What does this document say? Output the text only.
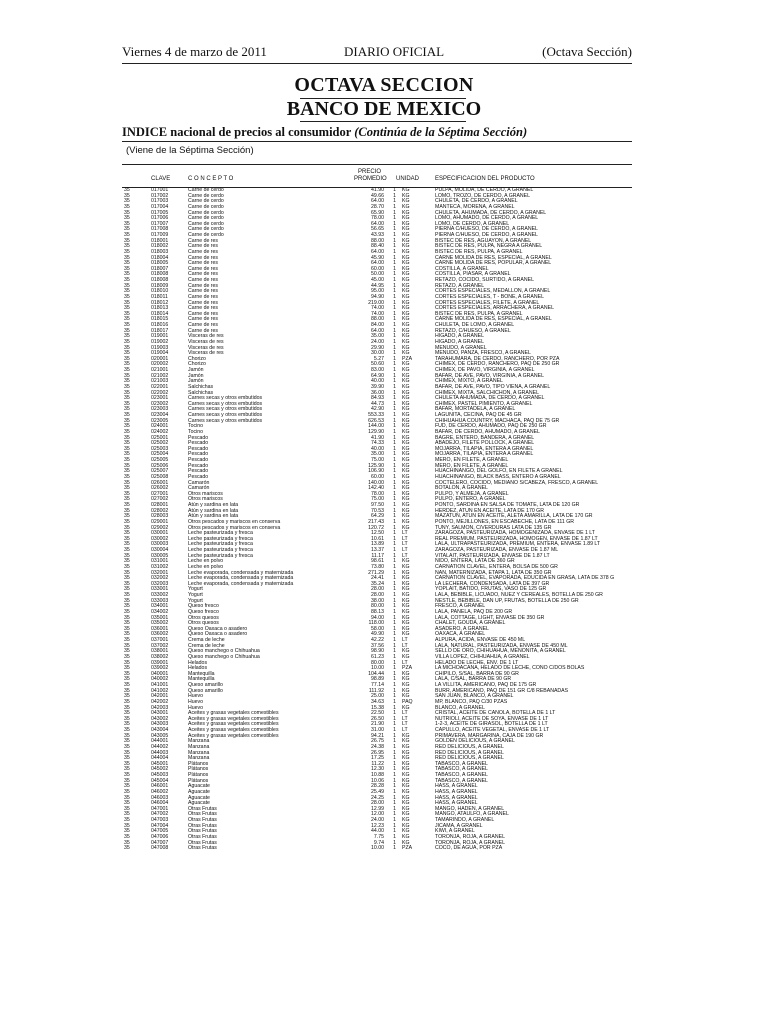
Viernes 4 de marzo de 2011	DIARIO OFICIAL	(Octava Sección)
OCTAVA SECCION
BANCO DE MEXICO
INDICE nacional de precios al consumidor (Continúa de la Séptima Sección)
(Viene de la Séptima Sección)
CLAVE	C O N C E P T O
PRECIO
PROMEDIO UNIDAD	ESPECIFICACION DEL PRODUCTO
35	017001	Carne de cerdo	41.90	1 KG	PULPA, MOLIDA, DE CERDO, A GRANEL
35	017002	Carne de cerdo	49.66	1 KG	LOMO, TROZO, DE CERDO, A GRANEL
35	017003	Carne de cerdo	64.00	1 KG	CHULETA, DE CERDO, A GRANEL
35	017004	Carne de cerdo	28.70	1 KG	MANTECA, MORENA, A GRANEL
35	017005	Carne de cerdo	65.90	1 KG	CHULETA, AHUMADA, DE CERDO, A GRANEL
35	017006	Carne de cerdo	78.00	1 KG	LOMO, AHUMADO, DE CERDO, A GRANEL
35	017007	Carne de cerdo	64.00	1 KG	LOMO, DE CERDO, A GRANEL
35	017008	Carne de cerdo	56.65	1 KG	PIERNA C/HUESO, DE CERDO, A GRANEL
35	017009	Carne de cerdo	43.93	1 KG	PIERNA C/HUESO, DE CERDO, A GRANEL
35	018001	Carne de res	88.00	1 KG	BISTEC DE RES, AGUAYON, A GRANEL
35	018002	Carne de res	88.40	1 KG	BISTEC DE RES, PULPA, NEGRA A GRANEL
35	018003	Carne de res	64.00	1 KG	BISTEC DE RES, PULPA, A GRANEL
35	018004	Carne de res	45.90	1 KG	CARNE MOLIDA DE RES, ESPECIAL, A GRANEL
35	018005	Carne de res	64.00	1 KG	CARNE MOLIDA DE RES, POPULAR, A GRANEL
35	018007	Carne de res	60.00	1 KG	COSTILLA, A GRANEL
35	018008	Carne de res	50.00	1 KG	COSTILLA, PIASAR, A GRANEL
35	018008	Carne de res	45.00	1 KG	RETAZO, COCIDO, SURTIDO, A GRANEL
35	018009	Carne de res	44.95	1 KG	RETAZO, A GRANEL
35	018010	Carne de res	95.00	1 KG	CORTES ESPECIALES, MEDALLON, A GRANEL
35	018011	Carne de res	94.90	1 KG	CORTES ESPECIALES, T - BONE, A GRANEL
35	018012	Carne de res	219.00	1 KG	CORTES ESPECIALES, FILETE, A GRANEL
35	018013	Carne de res	74.00	1 KG	CORTES ESPECIALES, ARRACHERA, A GRANEL
35	018014	Carne de res	74.00	1 KG	BISTEC DE RES, PULPA, A GRANEL
35	018015	Carne de res	88.00	1 KG	CARNE MOLIDA DE RES, ESPECIAL, A GRANEL
35	018016	Carne de res	84.00	1 KG	CHULETA, DE LOMO, A GRANEL
35	018017	Carne de res	64.00	1 KG	RETAZO, C/HUESO, A GRANEL
35	019001	Visceras de res	35.00	1 KG	HIGADO, A GRANEL
35	019002	Visceras de res	24.00	1 KG	HIGADO, A GRANEL
35	019003	Visceras de res	29.90	1 KG	MENUDO, A GRANEL
35	019004	Visceras de res	30.00	1 KG	MENUDO, PANZA, FRESCO, A GRANEL
35	020001	Chorizo	5.27	1 PZA	TARAHUMARA, DE CERDO, RANCHERO, POR PZA
35	020002	Chorizo	50.60	1 KG	CHIMEX, DE CERDO, RANCHERO, PAQ DE 250 GR
35	021001	Jamón	83.00	1 KG	CHIMEX, DE PAVO, VIRGINIA, A GRANEL
35	021002	Jamón	64.90	1 KG	BAFAR, DE AVE, PAVO, VIRGINIA, A GRANEL
35	021003	Jamón	40.00	1 KG	CHIMEX, MIXTO, A GRANEL
35	022001	Salchichas	39.90	1 KG	BAFAR, DE AVE, PAVO, TIPO VIENA, A GRANEL
35	022002	Salchichas	36.00	1 KG	CHIMEX, MIXTA, SALCHICHON, A GRANEL
35	023001	Carnes secas y otros embutidos	84.93	1 KG	CHULETA AHUMADA, DE CERDO, A GRANEL
35	023002	Carnes secas y otros embutidos	44.73	1 KG	CHIMEX, PASTEL PIMIENTO, A GRANEL
35	023003	Carnes secas y otros embutidos	42.90	1 KG	BAFAR, MORTADELA, A GRANEL
35	023004	Carnes secas y otros embutidos	553.33	1 KG	LAGUNITA, CECINA, PAQ DE 45 GR
35	023005	Carnes secas y otros embutidos	626.53	1 KG	CHIHUAHUA COUNTRY, MACHACA, PAQ DE 75 GR
35	024001	Tocino	144.00	1 KG	FUD, DE CERDO, AHUMADO, PAQ DE 250 GR
35	024002	Tocino	129.90	1 KG	BAFAR, DE CERDO, AHUMADO, A GRANEL
35	025001	Pescado	41.90	1 KG	BAGRE, ENTERO, BANDERA, A GRANEL
35	025002	Pescado	74.33	1 KG	ABADEJO, FILETE POLLOCK, A GRANEL
35	025003	Pescado	40.00	1 KG	MOJARRA, TILAPIA, ENTERA A GRANEL
35	025004	Pescado	35.00	1 KG	MOJARRA, TILAPIA, ENTERA A GRANEL
35	025005	Pescado	75.00	1 KG	MERO, EN FILETE, A GRANEL
35	025006	Pescado	125.90	1 KG	MERO, EN FILETE, A GRANEL
35	025007	Pescado	106.90	1 KG	HUACHINANGO, DEL GOLFO, EN FILETE A GRANEL
35	025008	Pescado	60.00	1 KG	HUACHINANGO, BLACK BASS, ENTERO A GRANEL
35	026001	Camarón	140.00	1 KG	COCTELERO, COCIDO, MEDIANO S/CABEZA, FRESCO, A GRANEL
35	026002	Camarón	142.40	1 KG	BOTALON, A GRANEL
35	027001	Otros mariscos	78.00	1 KG	PULPO, Y ALMEJA, A GRANEL
35	027002	Otros mariscos	75.00	1 KG	PULPO, ENTERO, A GRANEL
35	028001	Atún y sardina en lata	97.50	1 KG	PONTO, SARDINA EN SALSA DE TOMATE, LATA DE 120 GR
35	028002	Atún y sardina en lata	70.53	1 KG	HERDEZ, ATUN EN ACEITE, LATA DE 170 GR
35	028003	Atún y sardina en lata	64.29	1 KG	MAZATUN, ATUN EN ACEITE, ALETA AMARILLA, LATA DE 170 GR
35	029001	Otros pescados y mariscos en conserva	217.43	1 KG	PONTO, MEJILLONES, EN ESCABECHE, LATA DE 111 GR
35	029002	Otros pescados y mariscos en conserva	120.72	1 KG	TUNY, SALMON, C/VERDURAS LATA DE 135 GR
35	030001	Leche pasteurizada y fresca	12.50	1 LT	ZARAGOZA, PASTEURIZADA, HOMOGENIZADA, ENVASE DE 1 LT
35	030002	Leche pasteurizada y fresca	10.61	1 LT	REAL PREMIUM, PASTEURIZADA, HOMOGEN, ENVASE DE 1.87 LT
35	030003	Leche pasteurizada y fresca	13.89	1 LT	LALA, ULTRAPASTEURIZADA, PREMIUM, ENTERA, ENVASE 1.89 LT
35	030004	Leche pasteurizada y fresca	13.37	1 LT	ZARAGOZA, PASTEURIZADA, ENVASE DE 1.87 ML
35	030005	Leche pasteurizada y fresca	11.17	1 LT	VITALAIT, PASTEURIZADA, ENVASE DE 1.87 LT
35	031001	Leche en polvo	98.61	1 KG	NIDO, ENTERA, LATA DE 360 GR
35	031002	Leche en polvo	73.80	1 KG	CARNATION CLAVEL, ENTERA, BOLSA DE 500 GR
35	032001	Leche evaporada, condensada y maternizada	271.29	1 KG	NAN, MATERNIZADA, ETAPA 1, LATA DE 350 GR
35	032002	Leche evaporada, condensada y maternizada	24.41	1 KG	CARNATION CLAVEL, EVAPORADA, EDUCIDA EN GRASA, LATA DE 378 G
35	032003	Leche evaporada, condensada y maternizada	35.24	1 KG	LA LECHERA, CONDENSADA, LATA DE 397 GR
35	033001	Yogurt	28.00	1 KG	YOPLAIT, BATIDO, FRUTAS, VASO DE 125 GR
35	033002	Yogurt	28.00	1 KG	LALA, BEBIBLE, LICUADO, NUEZ Y CEREALES, BOTELLA DE 250 GR
35	033003	Yogurt	38.00	1 KG	NESTLE, BEBIBLE, DAN UP, FRUTAS, BOTELLA DE 250 GR
35	034001	Queso fresco	80.00	1 KG	FRESCO, A GRANEL
35	034002	Queso fresco	88.13	1 KG	LALA, PANELA, PAQ DE 200 GR
35	035001	Otros quesos	94.00	1 KG	LALA, COTTAGE, LIGHT, ENVASE DE 350 GR
35	035002	Otros quesos	118.00	1 KG	CHALET, GOUDA, A GRANEL
35	036001	Queso Oaxaca o asadero	58.00	1 KG	ASADERO, A GRANEL
35	036002	Queso Oaxaca o asadero	49.90	1 KG	OAXACA, A GRANEL
35	037001	Crema de leche	42.22	1 LT	ALPURA, ACIDA, ENVASE DE 450 ML
35	037002	Crema de leche	37.56	1 LT	LALA, NATURAL, PASTEURIZADA, ENVASE DE 450 ML
35	038001	Queso manchego o Chihuahua	98.90	1 KG	SELLO DE ORO, CHIHUAHUA, MENONITA, A GRANEL
35	038002	Queso manchego o Chihuahua	61.23	1 KG	VILLA LOPEZ, CHIHUAHUA, A GRANEL
35	039001	Helados	80.00	1 LT	HELADO DE LECHE, ENV. DE 1 LT
35	039002	Helados	10.00	1 PZA	LA MICHOACANA, HELADO DE LECHE, CONO C/DOS BOLAS
35	040001	Mantequilla	104.44	1 KG	CHIPILO, S/SAL, BARRA DE 90 GR
35	040002	Mantequilla	98.89	1 KG	LALA, C/SAL, BARRA DE 90 GR
35	041001	Queso amarillo	77.14	1 KG	LA VILLITA, AMERICANO, PAQ DE 175 GR
35	041002	Queso amarillo	111.92	1 KG	BURR, AMERICANO, PAQ DE 151 GR C/8 REBANADAS
35	042001	Huevo	25.00	1 KG	SAN JUAN, BLANCO, A GRANEL
35	042002	Huevo	34.63	1 PAQ	MP, BLANCO, PAQ C/30 PZAS
35	042003	Huevo	15.38	1 KG	BLANCO, A GRANEL
35	043001	Aceites y grasas vegetales comestibles	22.50	1 LT	CRISTAL, ACEITE DE CANOLA, BOTELLA DE 1 LT
35	043002	Aceites y grasas vegetales comestibles	26.50	1 LT	NUTRIOLI, ACEITE DE SOYA, ENVASE DE 1 LT
35	043003	Aceites y grasas vegetales comestibles	21.90	1 LT	1-2-3, ACEITE DE GIRASOL, BOTELLA DE 1 LT
35	043004	Aceites y grasas vegetales comestibles	31.00	1 LT	CAPULLO, ACEITE VEGETAL, ENVASE DE 1 LT
35	043005	Aceites y grasas vegetales comestibles	94.21	1 KG	PRIMAVERA, MARGARINA, CAJA DE 190 GR
35	044001	Manzana	26.75	1 KG	GOLDEN DELICIOUS, A GRANEL
35	044002	Manzana	24.38	1 KG	RED DELICIOUS, A GRANEL
35	044003	Manzana	26.95	1 KG	RED DELICIOUS, A GRANEL
35	044004	Manzana	17.25	1 KG	RED DELICIOUS, A GRANEL
35	045001	Plátanos	11.22	1 KG	TABASCO, A GRANEL
35	045002	Plátanos	12.30	1 KG	TABASCO, A GRANEL
35	045003	Plátanos	10.88	1 KG	TABASCO, A GRANEL
35	045004	Plátanos	10.06	1 KG	TABASCO, A GRANEL
35	046001	Aguacate	28.28	1 KG	HASS, A GRANEL
35	046002	Aguacate	25.49	1 KG	HASS, A GRANEL
35	046003	Aguacate	24.25	1 KG	HASS, A GRANEL
35	046004	Aguacate	28.00	1 KG	HASS, A GRANEL
35	047001	Otras Frutas	12.99	1 KG	MANGO, HADEN, A GRANEL
35	047002	Otras Frutas	12.00	1 KG	MANGO, ATAULFO, A GRANEL
35	047003	Otras Frutas	24.00	1 KG	TAMARINDO, A GRANEL
35	047004	Otras Frutas	12.23	1 KG	JICAMA, A GRANEL
35	047005	Otras Frutas	44.00	1 KG	KIWI, A GRANEL
35	047006	Otras Frutas	7.75	1 KG	TORONJA, ROJA, A GRANEL
35	047007	Otras Frutas	9.74	1 KG	TORONJA, ROJA, A GRANEL
35	047008	Otras Frutas	10.00	1 PZA	COCO, DE AGUA, POR PZA
